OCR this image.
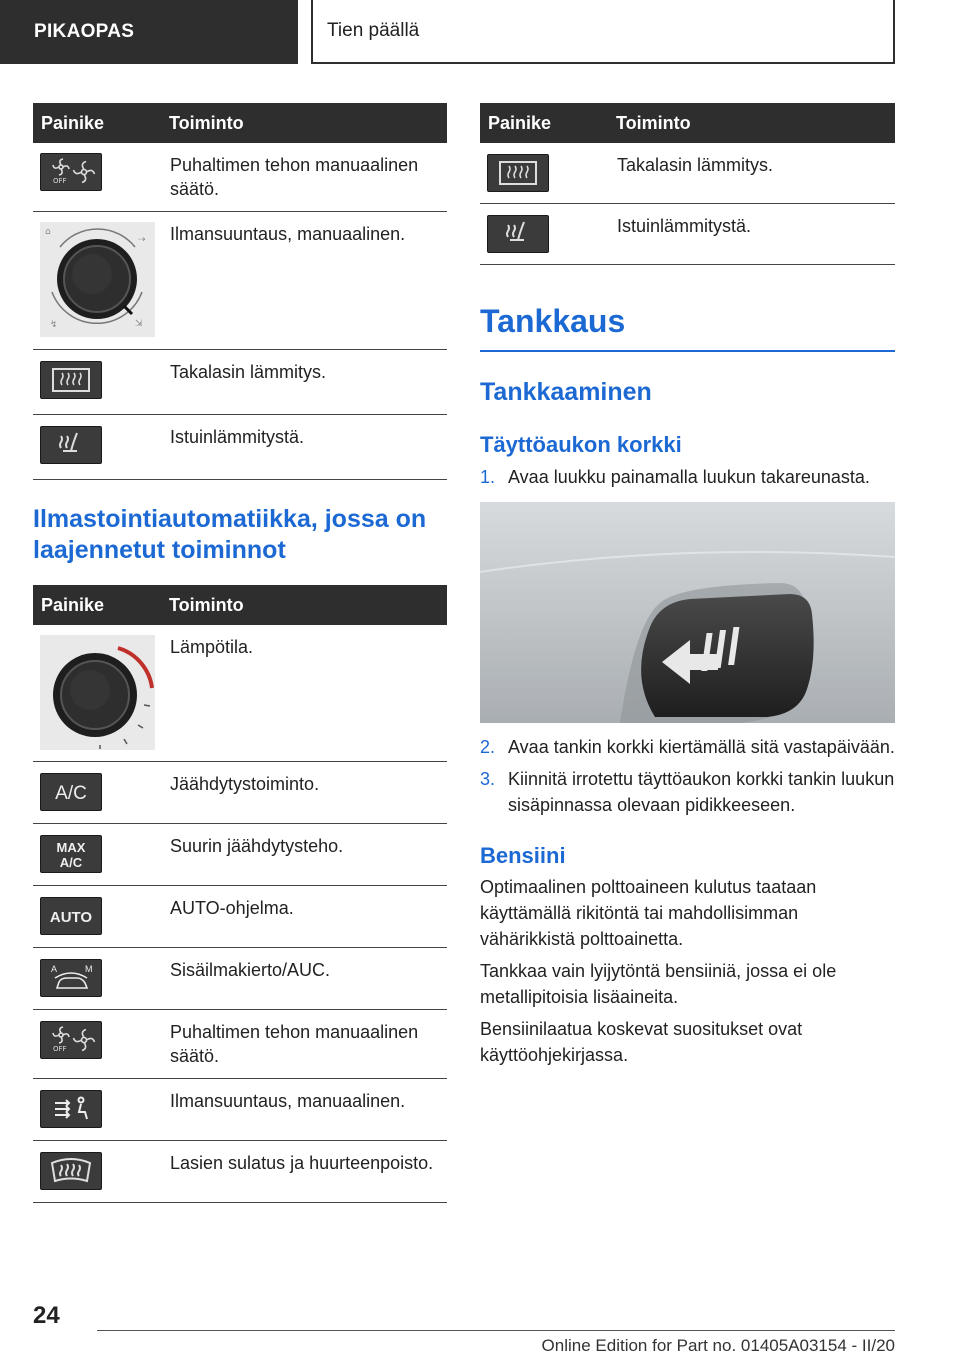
PIKAOPAS	Tien päällä
Painike	Toiminto

OFF	Puhaltimen tehon manuaalinen säätö.

⌂
⇢
↯ ⇲	Ilmansuuntaus, manuaalinen.

	Takalasin lämmitys.

	Istuinlämmitystä.
Ilmastointiautomatiikka, jossa on laajennetut toiminnot
Painike	Toiminto

	Lämpötila.

A/C	Jäähdytystoiminto.

MAX
A/C	Suurin jäähdytysteho.

AUTO	AUTO-ohjelma.

A M	Sisäilmakierto/AUC.

OFF	Puhaltimen tehon manuaalinen säätö.

	Ilmansuuntaus, manuaalinen.

	Lasien sulatus ja huurteenpoisto.
Painike	Toiminto

	Takalasin lämmitys.

	Istuinlämmitystä.
Tankkaus
Tankkaaminen
Täyttöaukon korkki
1. Avaa luukku painamalla luukun takareunasta.
2. Avaa tankin korkki kiertämällä sitä vastapäivään.
3. Kiinnitä irrotettu täyttöaukon korkki tankin luukun sisäpinnassa olevaan pidikkeeseen.
Bensiini

Optimaalinen polttoaineen kulutus taataan käyttämällä rikitöntä tai mahdollisimman vähärikkistä polttoainetta.

Tankkaa vain lyijytöntä bensiiniä, jossa ei ole metallipitoisia lisäaineita.

Bensiinilaatua koskevat suositukset ovat käyttöohjekirjassa.

24
Online Edition for Part no. 01405A03154 - II/20
